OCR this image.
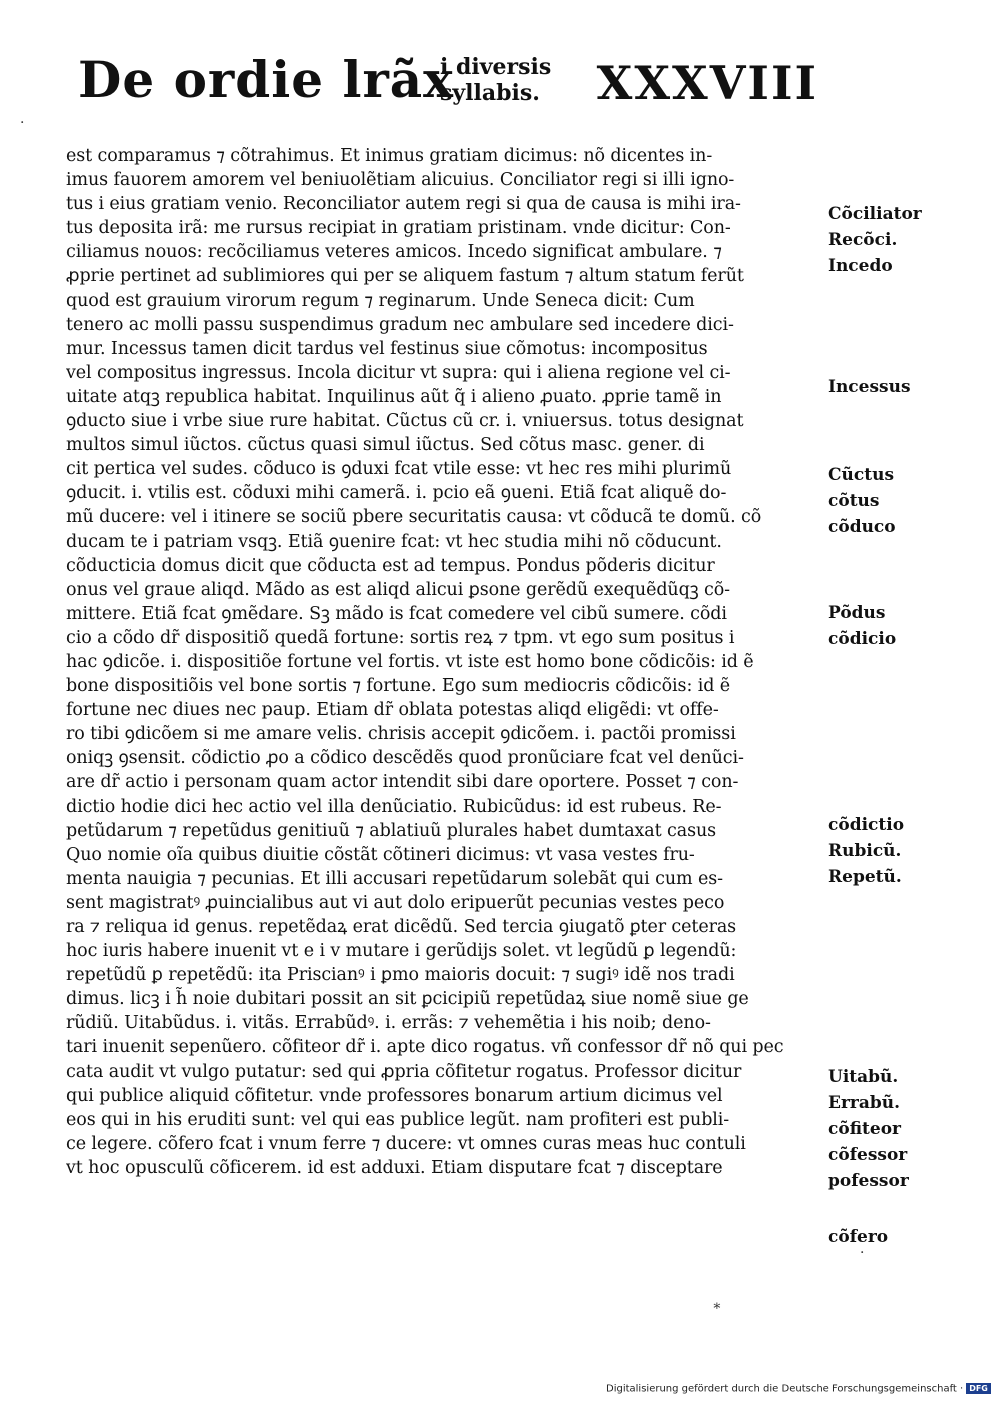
De ordie lrãx
i diversis
syllabis. XXXVIII
est comparamus ⁊ cõtrahimus. Et inimus gratiam dicimus: nõ dicentes in-
imus fauorem amorem vel beniuolẽtiam alicuius. Conciliator regi si illi igno-
tus i eius gratiam venio. Reconciliator autem regi si qua de causa is mihi ira-
tus deposita irã: me rursus recipiat in gratiam pristinam. vnde dicitur: Con-
ciliamus nouos: recõciliamus veteres amicos. Incedo significat ambulare. ⁊
ꝓprie pertinet ad sublimiores qui per se aliquem fastum ⁊ altum statum ferũt
quod est grauium virorum regum ⁊ reginarum. Unde Seneca dicit: Cum
tenero ac molli passu suspendimus gradum nec ambulare sed incedere dici-
mur. Incessus tamen dicit tardus vel festinus siue cõmotus: incompositus
vel compositus ingressus. Incola dicitur vt supra: qui i aliena regione vel ci-
uitate atqꝫ republica habitat. Inquilinus aũt q̃ i alieno ꝓuato. ꝓprie tamẽ in
ꝯducto siue i vrbe siue rure habitat. Cũctus cũ cr. i. vniuersus. totus designat
multos simul iũctos. cũctus quasi simul iũctus. Sed cõtus masc. gener. di
cit pertica vel sudes. cõduco is ꝯduxi fcat vtile esse: vt hec res mihi plurimũ
ꝯducit. i. vtilis est. cõduxi mihi camerã. i. pcio eã ꝯueni. Etiã fcat aliquẽ do-
mũ ducere: vel i itinere se sociũ pbere securitatis causa: vt cõducã te domũ. cõ
ducam te i patriam vsqꝫ. Etiã ꝯuenire fcat: vt hec studia mihi nõ cõducunt.
cõducticia domus dicit que cõducta est ad tempus. Pondus põderis dicitur
onus vel graue aliqd. Mãdo as est aliqd alicui ꝑsone gerẽdũ exequẽdũqꝫ cõ-
mittere. Etiã fcat ꝯmẽdare. Sꝫ mãdo is fcat comedere vel cibũ sumere. cõdi
cio a cõdo dr̃ dispositiõ quedã fortune: sortis reꝝ ⁊ tpm. vt ego sum positus i
hac ꝯdicõe. i. dispositiõe fortune vel fortis. vt iste est homo bone cõdicõis: id ẽ
bone dispositiõis vel bone sortis ⁊ fortune. Ego sum mediocris cõdicõis: id ẽ
fortune nec diues nec paup. Etiam dr̃ oblata potestas aliqd eligẽdi: vt offe-
ro tibi ꝯdicõem si me amare velis. chrisis accepit ꝯdicõem. i. pactõi promissi
oniqꝫ ꝯsensit. cõdictio ꝓo a cõdico descẽdẽs quod pronũciare fcat vel denũci-
are dr̃ actio i personam quam actor intendit sibi dare oportere. Posset ⁊ con-
dictio hodie dici hec actio vel illa denũciatio. Rubicũdus: id est rubeus. Re-
petũdarum ⁊ repetũdus genitiuũ ⁊ ablatiuũ plurales habet dumtaxat casus
Quo nomie oĩa quibus diuitie cõstãt cõtineri dicimus: vt vasa vestes fru-
menta nauigia ⁊ pecunias. Et illi accusari repetũdarum solebãt qui cum es-
sent magistratꝰ ꝓuincialibus aut vi aut dolo eripuerũt pecunias vestes peco
ra ⁊ reliqua id genus. repetẽdaꝝ erat dicẽdũ. Sed tercia ꝯiugatõ ꝑter ceteras
hoc iuris habere inuenit vt e i v mutare i gerũdijs solet. vt legũdũ ꝑ legendũ:
repetũdũ ꝑ repetẽdũ: ita Priscianꝰ i ꝑmo maioris docuit: ⁊ sugiꝰ idẽ nos tradi
dimus. licꝫ i h̃ noie dubitari possit an sit ꝑcicipiũ repetũdaꝝ siue nomẽ siue ge
rũdiũ. Uitabũdus. i. vitãs. Errabũdꝰ. i. errãs: ⁊ vehemẽtia i his noib; deno-
tari inuenit sepenũero. cõfiteor dr̃ i. apte dico rogatus. vñ confessor dr̃ nõ qui pec
cata audit vt vulgo putatur: sed qui ꝓpria cõfitetur rogatus. Professor dicitur
qui publice aliquid cõfitetur. vnde professores bonarum artium dicimus vel
eos qui in his eruditi sunt: vel qui eas publice legũt. nam profiteri est publi-
ce legere. cõfero fcat i vnum ferre ⁊ ducere: vt omnes curas meas huc contuli
vt hoc opusculũ cõficerem. id est adduxi. Etiam disputare fcat ⁊ disceptare
Cõciliator
Recõci.
Incedo
Incessus
Cũctus
cõtus
cõduco
Põdus
cõdicio
cõdictio
Rubicũ.
Repetũ.
Uitabũ.
Errabũ.
cõfiteor
cõfessor
pofessor
cõfero
·
∗
·
Digitalisierung gefördert durch die Deutsche Forschungsgemeinschaft · DFG
